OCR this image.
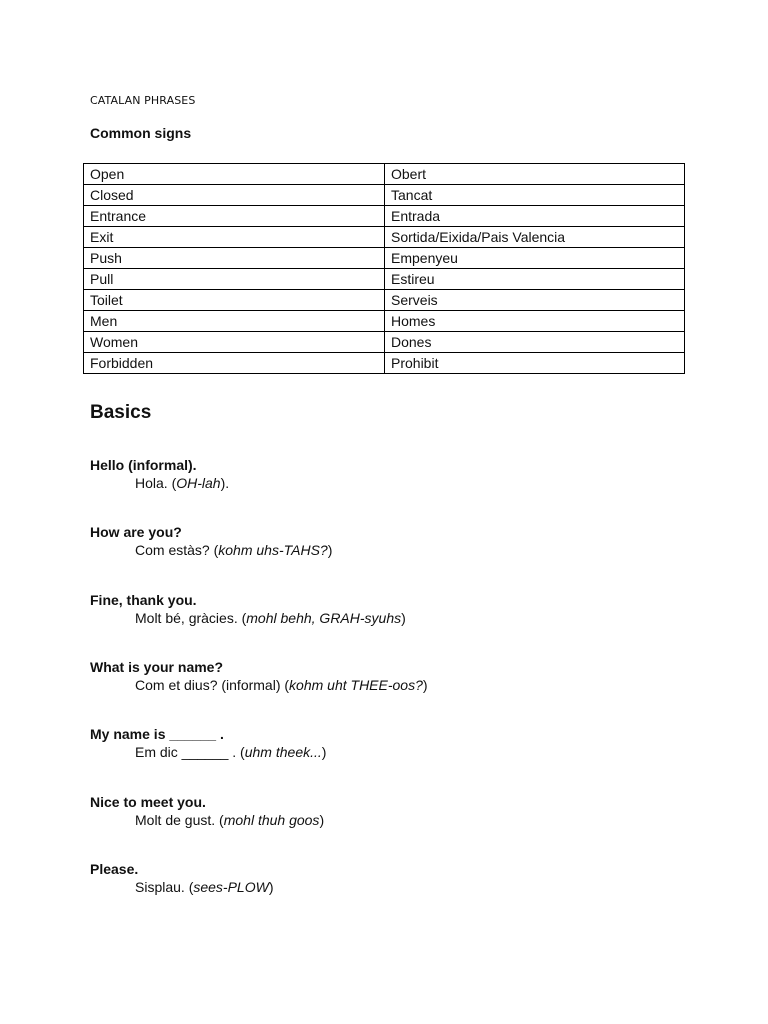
CATALAN PHRASES
Common signs
Open	Obert
Closed	Tancat
Entrance	Entrada
Exit	Sortida/Eixida/Pais Valencia
Push	Empenyeu
Pull	Estireu
Toilet	Serveis
Men	Homes
Women	Dones
Forbidden	Prohibit
Basics
Hello (informal).
Hola. (OH-lah).
How are you?
Com estàs? (kohm uhs-TAHS?)
Fine, thank you.
Molt bé, gràcies. (mohl behh, GRAH-syuhs)
What is your name?
Com et dius? (informal) (kohm uht THEE-oos?)
My name is ______ .
Em dic ______ . (uhm theek...)
Nice to meet you.
Molt de gust. (mohl thuh goos)
Please.
Sisplau. (sees-PLOW)
